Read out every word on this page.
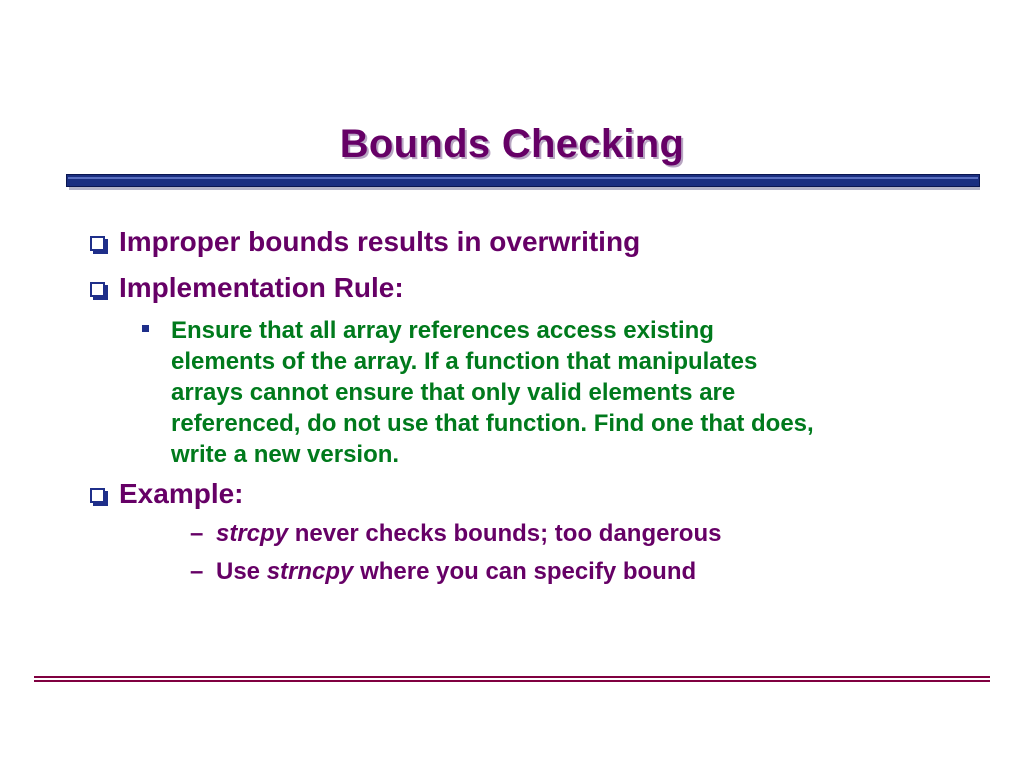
Bounds Checking
Improper bounds results in overwriting
Implementation Rule:
Ensure that all array references access existing
elements of the array. If a function that manipulates
arrays cannot ensure that only valid elements are
referenced, do not use that function. Find one that does,
write a new version.
Example:
– strcpy never checks bounds; too dangerous
– Use strncpy where you can specify bound
